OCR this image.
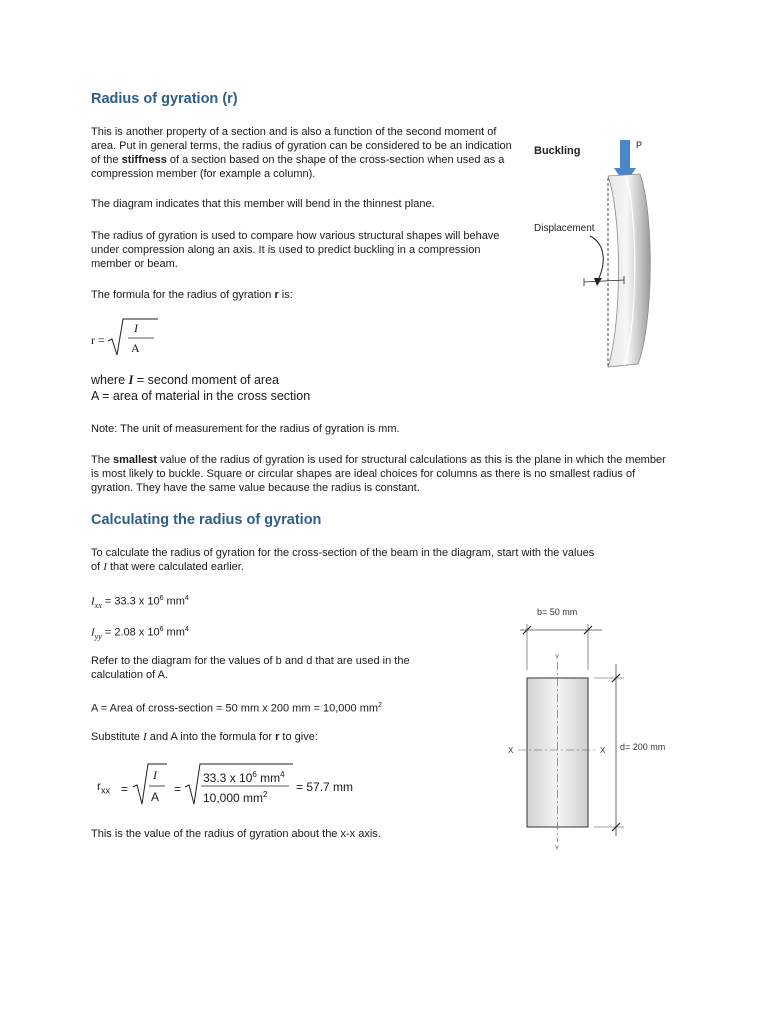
Radius of gyration (r)
This is another property of a section and is also a function of the second moment of area. Put in general terms, the radius of gyration can be considered to be an indication of the stiffness of a section based on the shape of the cross-section when used as a compression member (for example a column).
The diagram indicates that this member will bend in the thinnest plane.
The radius of gyration is used to compare how various structural shapes will behave under compression along an axis. It is used to predict buckling in a compression member or beam.
The formula for the radius of gyration r is:
r =
I
A
where I = second moment of area
A = area of material in the cross section
Note: The unit of measurement for the radius of gyration is mm.
The smallest value of the radius of gyration is used for structural calculations as this is the plane in which the member is most likely to buckle. Square or circular shapes are ideal choices for columns as there is no smallest radius of gyration. They have the same value because the radius is constant.
Buckling	P
Displacement
Calculating the radius of gyration
To calculate the radius of gyration for the cross-section of the beam in the diagram, start with the values
of I that were calculated earlier.
$I_{xx} = 33.3$ x $10^6$ $mm^4$
$I_{yy} = 2.08$ x $10^6$ $mm^4$
Refer to the diagram for the values of b and d that are used in the calculation of A.
A = Area of cross-section = 50 mm x 200 mm = 10,000 $mm^2$
Substitute I and A into the formula for r to give:
$r_{xx}$ =
I
A
=
33.3 x $10^6$ $mm^4$
10,000 $mm^2$
= 57.7 mm
This is the value of the radius of gyration about the x-x axis.
b= 50 mm
Y
Y
X	X d= 200 mm
